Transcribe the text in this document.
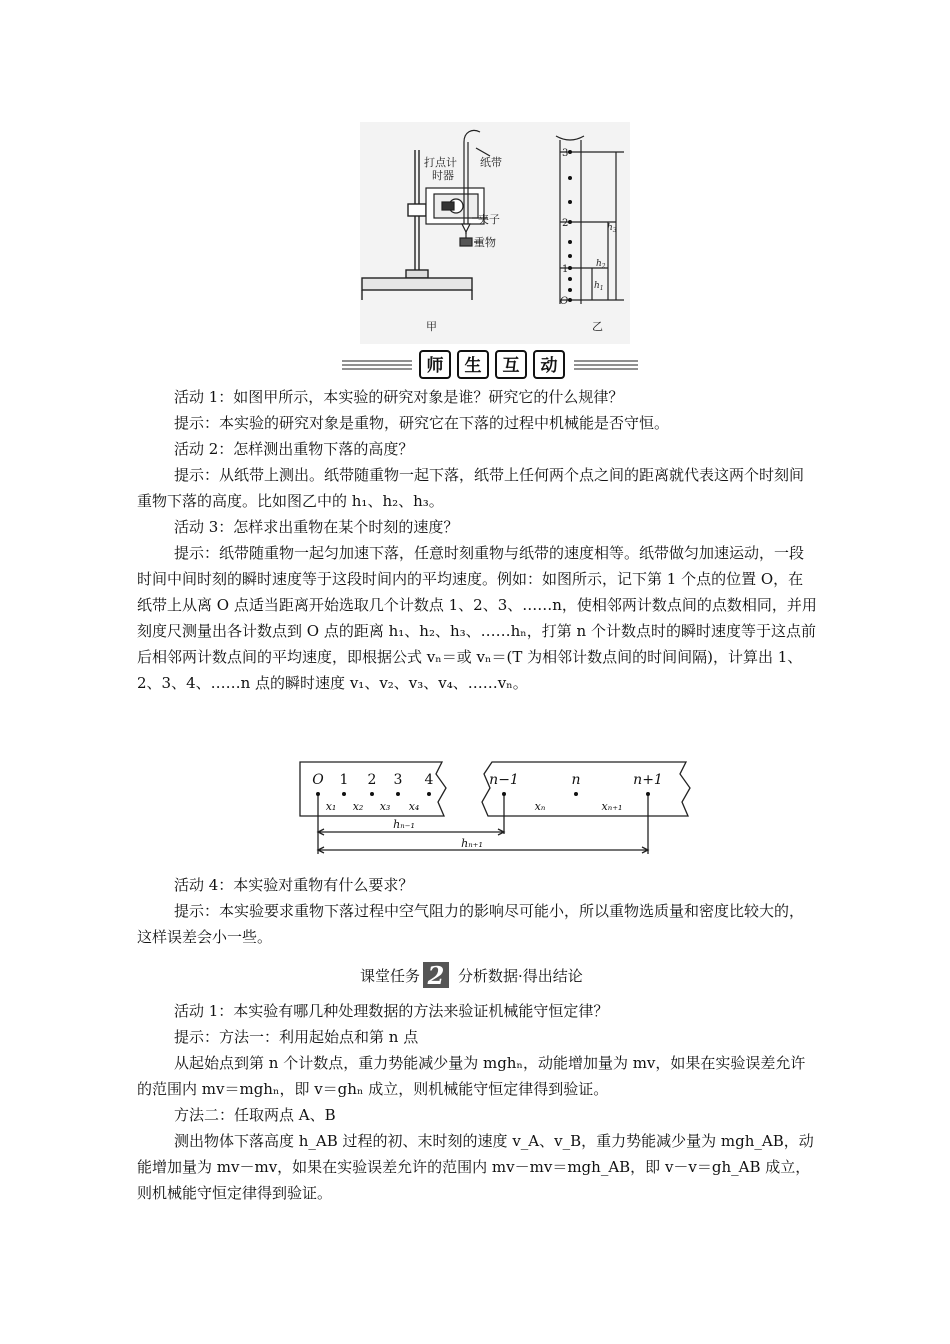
打点计
时器
纸带
夹子
重物
甲
3
2
1
O
$h_1$
$h_2$
$h_3$
乙
师 生 互 动

活动 1：如图甲所示，本实验的研究对象是谁？研究它的什么规律？

提示：本实验的研究对象是重物，研究它在下落的过程中机械能是否守恒。

活动 2：怎样测出重物下落的高度？

提示：从纸带上测出。纸带随重物一起下落，纸带上任何两个点之间的距离就代表这两个时刻间重物下落的高度。比如图乙中的 h₁、h₂、h₃。

活动 3：怎样求出重物在某个时刻的速度？

提示：纸带随重物一起匀加速下落，任意时刻重物与纸带的速度相等。纸带做匀加速运动，一段时间中间时刻的瞬时速度等于这段时间内的平均速度。例如：如图所示，记下第 1 个点的位置 O，在纸带上从离 O 点适当距离开始选取几个计数点 1、2、3、……n，使相邻两计数点间的点数相同，并用刻度尺测量出各计数点到 O 点的距离 h₁、h₂、h₃、……hₙ，打第 n 个计数点时的瞬时速度等于这点前后相邻两计数点间的平均速度，即根据公式 vₙ＝或 vₙ＝(T 为相邻计数点间的时间间隔)，计算出 1、2、3、4、……n 点的瞬时速度 v₁、v₂、v₃、v₄、……vₙ。

O 1 2 3 4	n−1	n	n+1
x₁ x₂ x₃ x₄	xₙ	xₙ₊₁
hₙ₋₁
hₙ₊₁

活动 4：本实验对重物有什么要求？

提示：本实验要求重物下落过程中空气阻力的影响尽可能小，所以重物选质量和密度比较大的，这样误差会小一些。

课堂任务 2 分析数据·得出结论

活动 1：本实验有哪几种处理数据的方法来验证机械能守恒定律？

提示：方法一：利用起始点和第 n 点

从起始点到第 n 个计数点，重力势能减少量为 mghₙ，动能增加量为 mv，如果在实验误差允许的范围内 mv＝mghₙ，即 v＝ghₙ 成立，则机械能守恒定律得到验证。

方法二：任取两点 A、B

测出物体下落高度 h_AB 过程的初、末时刻的速度 v_A、v_B，重力势能减少量为 mgh_AB，动能增加量为 mv－mv，如果在实验误差允许的范围内 mv－mv＝mgh_AB，即 v－v＝gh_AB 成立，则机械能守恒定律得到验证。
